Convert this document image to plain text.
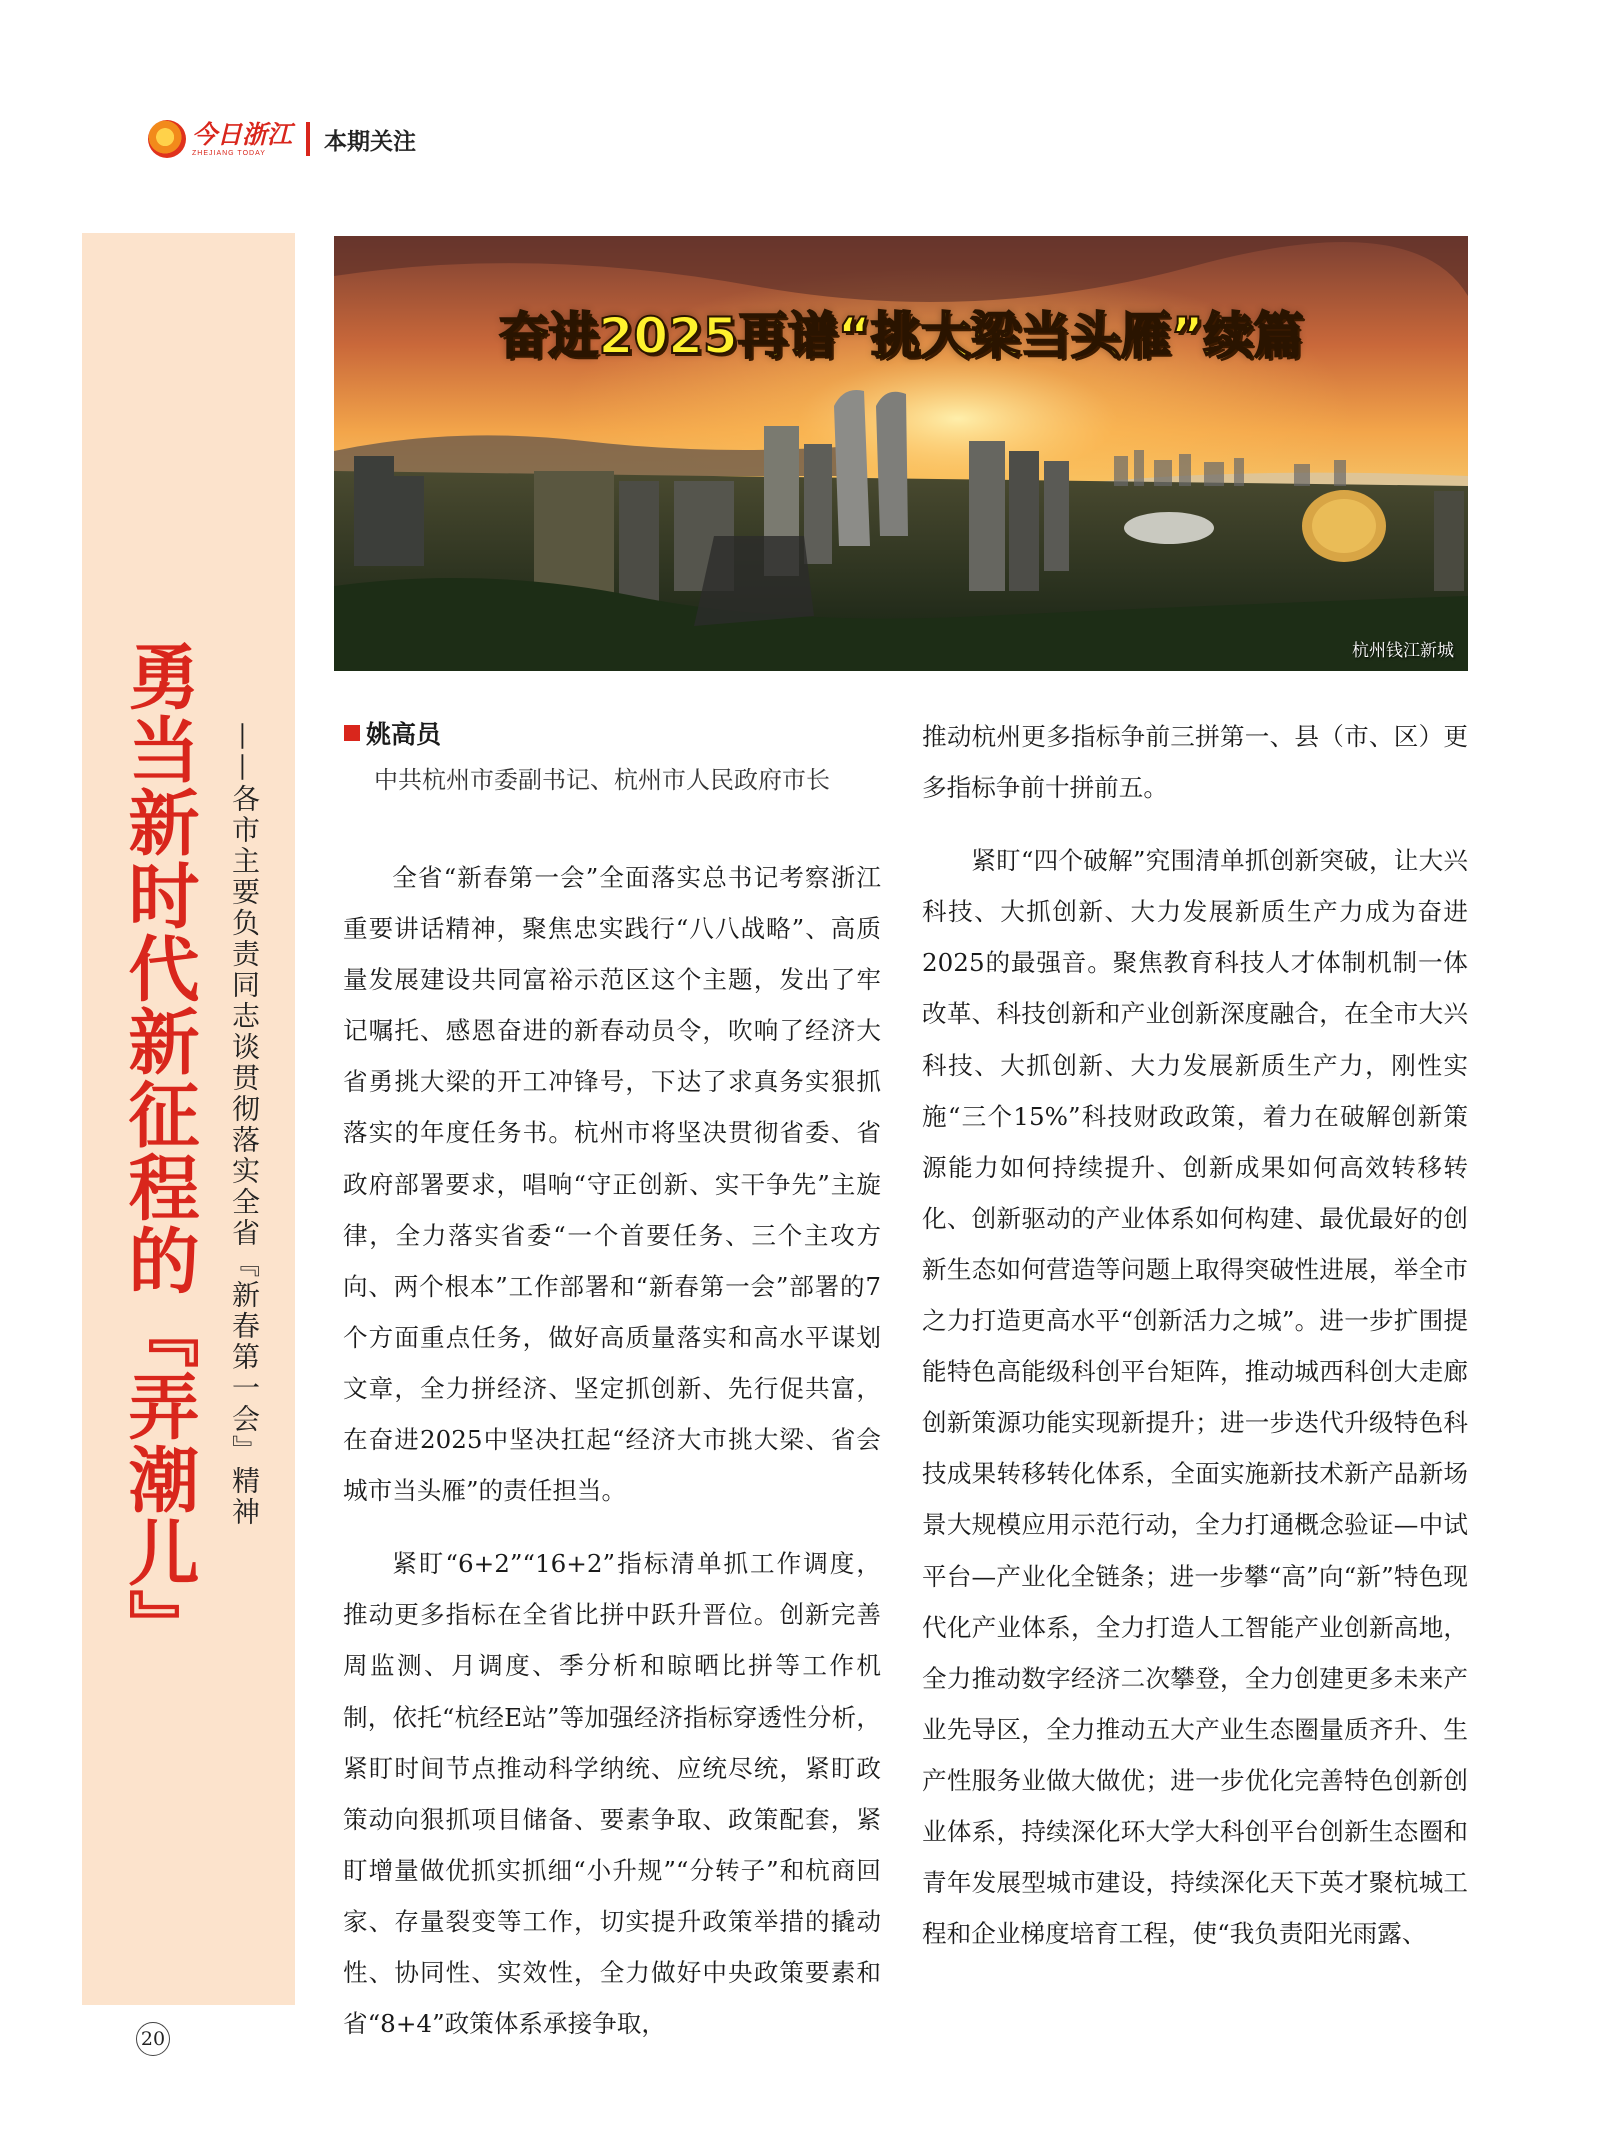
今日浙江
ZHEJIANG TODAY	本期关注
勇当新时代新征程的『弄潮儿』 ——各市主要负责同志谈贯彻落实全省『新春第一会』精神
奋进2025再谱“挑大梁当头雁”续篇
杭州钱江新城
姚高员
中共杭州市委副书记、杭州市人民政府市长

全省“新春第一会”全面落实总书记考察浙江重要讲话精神，聚焦忠实践行“八八战略”、高质量发展建设共同富裕示范区这个主题，发出了牢记嘱托、感恩奋进的新春动员令，吹响了经济大省勇挑大梁的开工冲锋号，下达了求真务实狠抓落实的年度任务书。杭州市将坚决贯彻省委、省政府部署要求，唱响“守正创新、实干争先”主旋律，全力落实省委“一个首要任务、三个主攻方向、两个根本”工作部署和“新春第一会”部署的7个方面重点任务，做好高质量落实和高水平谋划文章，全力拼经济、坚定抓创新、先行促共富，在奋进2025中坚决扛起“经济大市挑大梁、省会城市当头雁”的责任担当。

紧盯“6+2”“16+2”指标清单抓工作调度，推动更多指标在全省比拼中跃升晋位。创新完善周监测、月调度、季分析和晾晒比拼等工作机制，依托“杭经E站”等加强经济指标穿透性分析，紧盯时间节点推动科学纳统、应统尽统，紧盯政策动向狠抓项目储备、要素争取、政策配套，紧盯增量做优抓实抓细“小升规”“分转子”和杭商回家、存量裂变等工作，切实提升政策举措的撬动性、协同性、实效性，全力做好中央政策要素和省“8+4”政策体系承接争取，

推动杭州更多指标争前三拼第一、县（市、区）更多指标争前十拼前五。

紧盯“四个破解”究围清单抓创新突破，让大兴科技、大抓创新、大力发展新质生产力成为奋进2025的最强音。聚焦教育科技人才体制机制一体改革、科技创新和产业创新深度融合，在全市大兴科技、大抓创新、大力发展新质生产力，刚性实施“三个15%”科技财政政策，着力在破解创新策源能力如何持续提升、创新成果如何高效转移转化、创新驱动的产业体系如何构建、最优最好的创新生态如何营造等问题上取得突破性进展，举全市之力打造更高水平“创新活力之城”。进一步扩围提能特色高能级科创平台矩阵，推动城西科创大走廊创新策源功能实现新提升；进一步迭代升级特色科技成果转移转化体系，全面实施新技术新产品新场景大规模应用示范行动，全力打通概念验证—中试平台—产业化全链条；进一步攀“高”向“新”特色现代化产业体系，全力打造人工智能产业创新高地，全力推动数字经济二次攀登，全力创建更多未来产业先导区，全力推动五大产业生态圈量质齐升、生产性服务业做大做优；进一步优化完善特色创新创业体系，持续深化环大学大科创平台创新生态圈和青年发展型城市建设，持续深化天下英才聚杭城工程和企业梯度培育工程，使“我负责阳光雨露、

20
